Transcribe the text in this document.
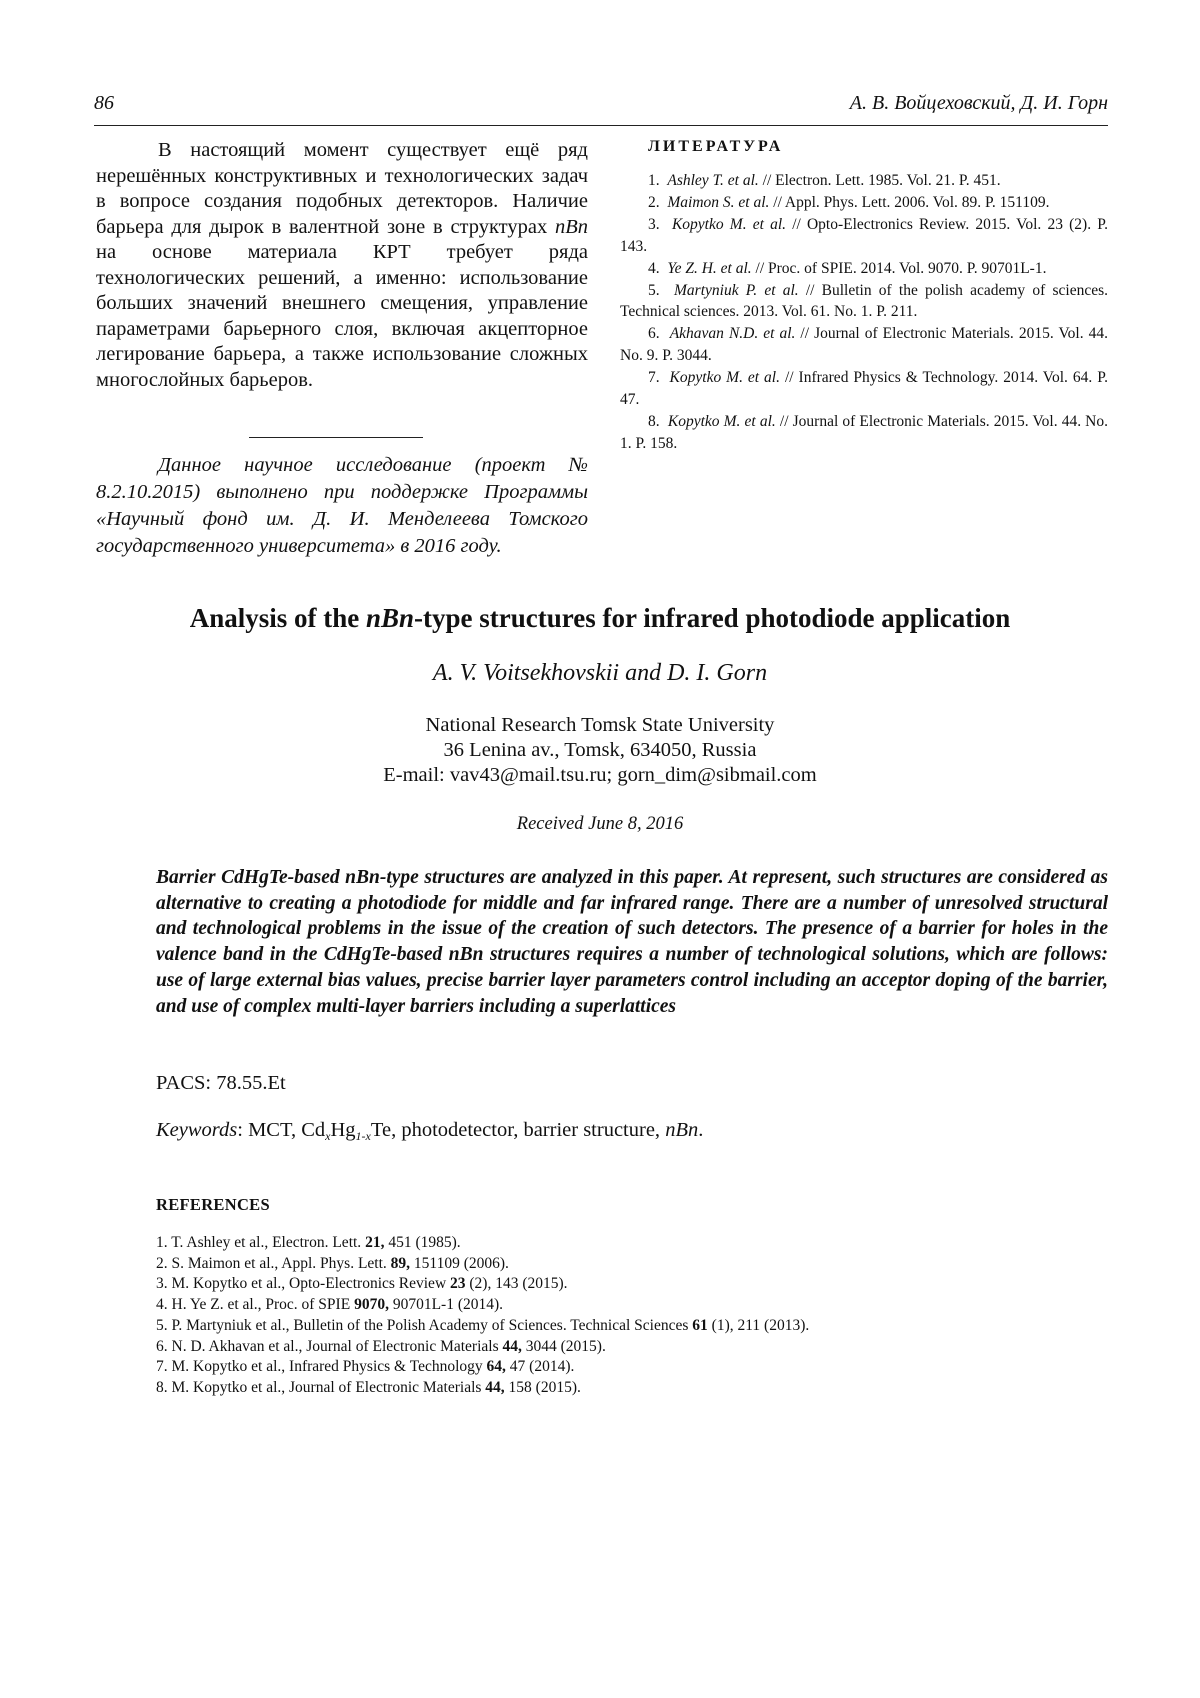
86	А. В. Войцеховский, Д. И. Горн

В настоящий момент существует ещё ряд нерешённых конструктивных и технологических задач в вопросе создания подобных детекторов. Наличие барьера для дырок в валентной зоне в структурах nBn на основе материала КРТ требует ряда технологических решений, а именно: использование больших значений внешнего смещения, управление параметрами барьерного слоя, включая акцепторное легирование барьера, а также использование сложных многослойных барьеров.

Данное научное исследование (проект № 8.2.10.2015) выполнено при поддержке Программы «Научный фонд им. Д. И. Менделеева Томского государственного университета» в 2016 году.

ЛИТЕРАТУРА
1. Ashley T. et al. // Electron. Lett. 1985. Vol. 21. P. 451.
2. Maimon S. et al. // Appl. Phys. Lett. 2006. Vol. 89. P. 151109.
3. Kopytko M. et al. // Opto-Electronics Review. 2015. Vol. 23 (2). P. 143.
4. Ye Z. H. et al. // Proc. of SPIE. 2014. Vol. 9070. P. 90701L-1.
5. Martyniuk P. et al. // Bulletin of the polish academy of sciences. Technical sciences. 2013. Vol. 61. No. 1. P. 211.
6. Akhavan N.D. et al. // Journal of Electronic Materials. 2015. Vol. 44. No. 9. P. 3044.
7. Kopytko M. et al. // Infrared Physics & Technology. 2014. Vol. 64. P. 47.
8. Kopytko M. et al. // Journal of Electronic Materials. 2015. Vol. 44. No. 1. P. 158.
Analysis of the nBn-type structures for infrared photodiode application
A. V. Voitsekhovskii and D. I. Gorn
National Research Tomsk State University
36 Lenina av., Tomsk, 634050, Russia
E-mail: vav43@mail.tsu.ru; gorn_dim@sibmail.com
Received June 8, 2016
Barrier CdHgTe-based nBn-type structures are analyzed in this paper. At represent, such structures are considered as alternative to creating a photodiode for middle and far infrared range. There are a number of unresolved structural and technological problems in the issue of the creation of such detectors. The presence of a barrier for holes in the valence band in the CdHgTe-based nBn structures requires a number of technological solutions, which are follows: use of large external bias values, precise barrier layer parameters control including an acceptor doping of the barrier, and use of complex multi-layer barriers including a superlattices
PACS: 78.55.Et
Keywords: MCT, $Cd_xHg_{1-x}Te$, photodetector, barrier structure, nBn.
REFERENCES
1. T. Ashley et al., Electron. Lett. 21, 451 (1985).
2. S. Maimon et al., Appl. Phys. Lett. 89, 151109 (2006).
3. M. Kopytko et al., Opto-Electronics Review 23 (2), 143 (2015).
4. H. Ye Z. et al., Proc. of SPIE 9070, 90701L-1 (2014).
5. P. Martyniuk et al., Bulletin of the Polish Academy of Sciences. Technical Sciences 61 (1), 211 (2013).
6. N. D. Akhavan et al., Journal of Electronic Materials 44, 3044 (2015).
7. M. Kopytko et al., Infrared Physics & Technology 64, 47 (2014).
8. M. Kopytko et al., Journal of Electronic Materials 44, 158 (2015).
